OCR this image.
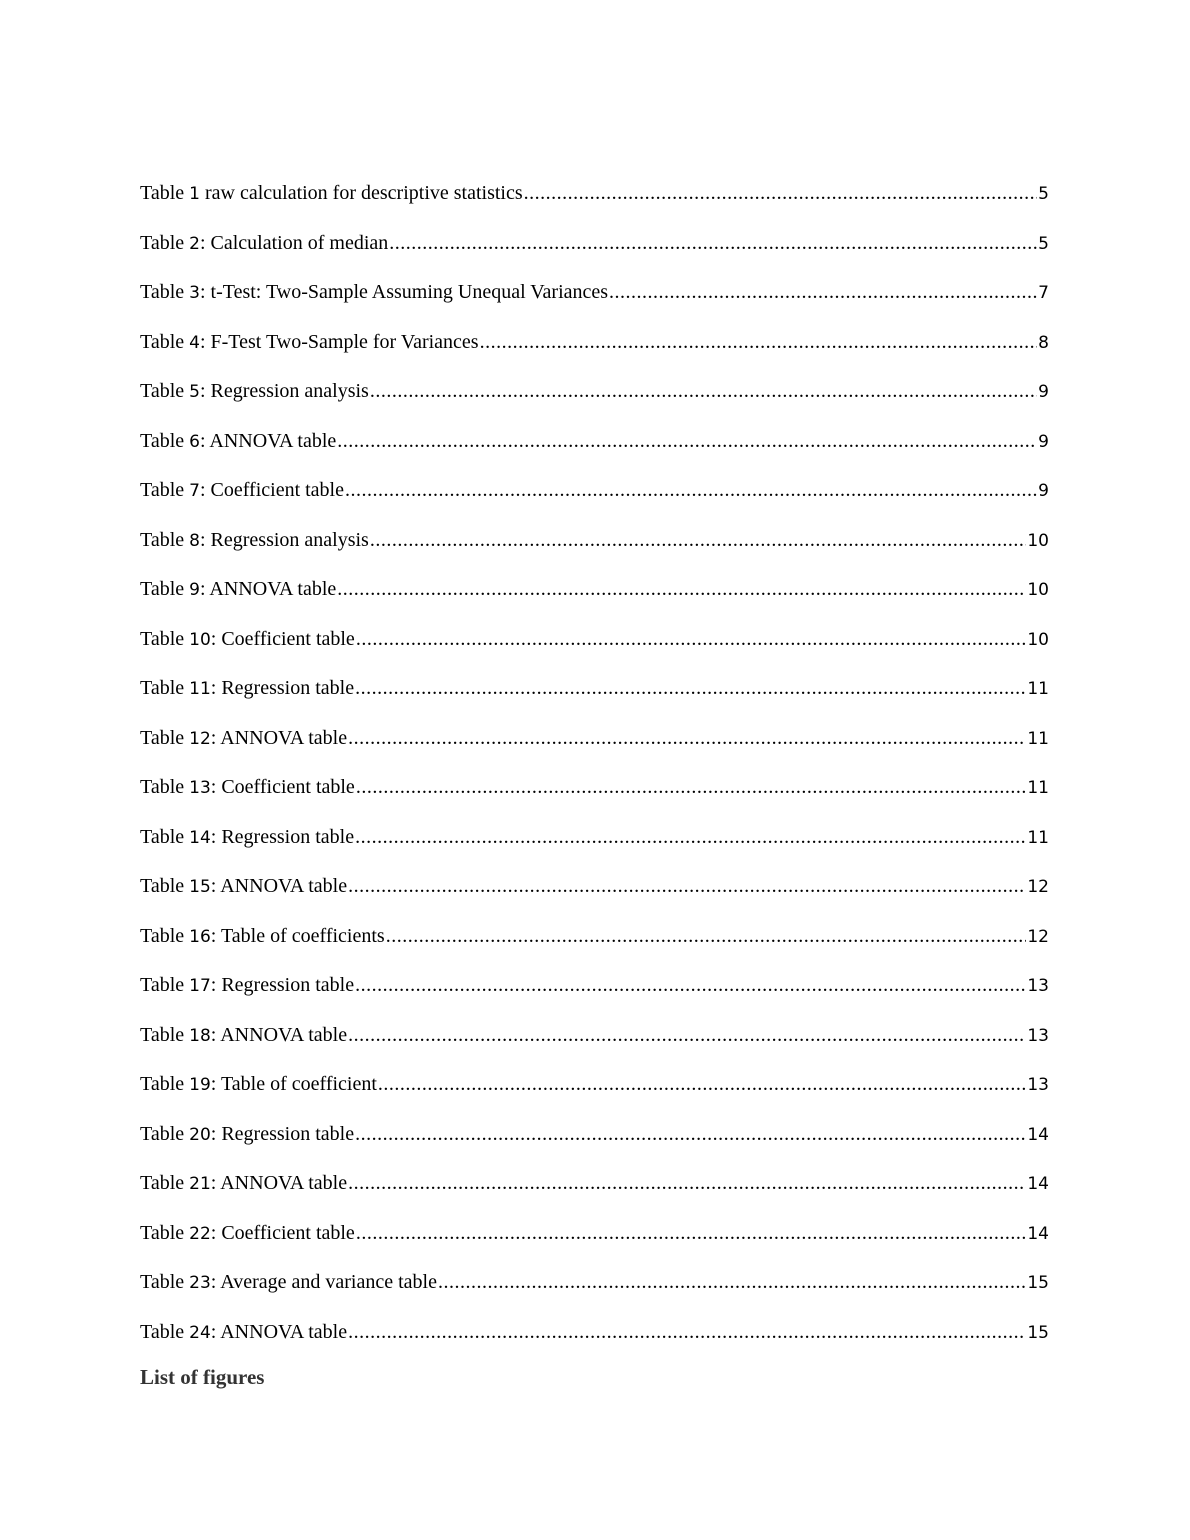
Table 1 raw calculation for descriptive statistics .....	5
Table 2: Calculation of median .....	5
Table 3: t-Test: Two-Sample Assuming Unequal Variances .....	7
Table 4: F-Test Two-Sample for Variances .....	8
Table 5: Regression analysis .....	9
Table 6: ANNOVA table .....	9
Table 7: Coefficient table .....	9
Table 8: Regression analysis .....	10
Table 9: ANNOVA table .....	10
Table 10: Coefficient table .....	10
Table 11: Regression table .....	11
Table 12: ANNOVA table .....	11
Table 13: Coefficient table .....	11
Table 14: Regression table .....	11
Table 15: ANNOVA table .....	12
Table 16: Table of coefficients .....	12
Table 17: Regression table .....	13
Table 18: ANNOVA table .....	13
Table 19: Table of coefficient .....	13
Table 20: Regression table .....	14
Table 21: ANNOVA table .....	14
Table 22: Coefficient table .....	14
Table 23: Average and variance table .....	15
Table 24: ANNOVA table .....	15
List of figures
